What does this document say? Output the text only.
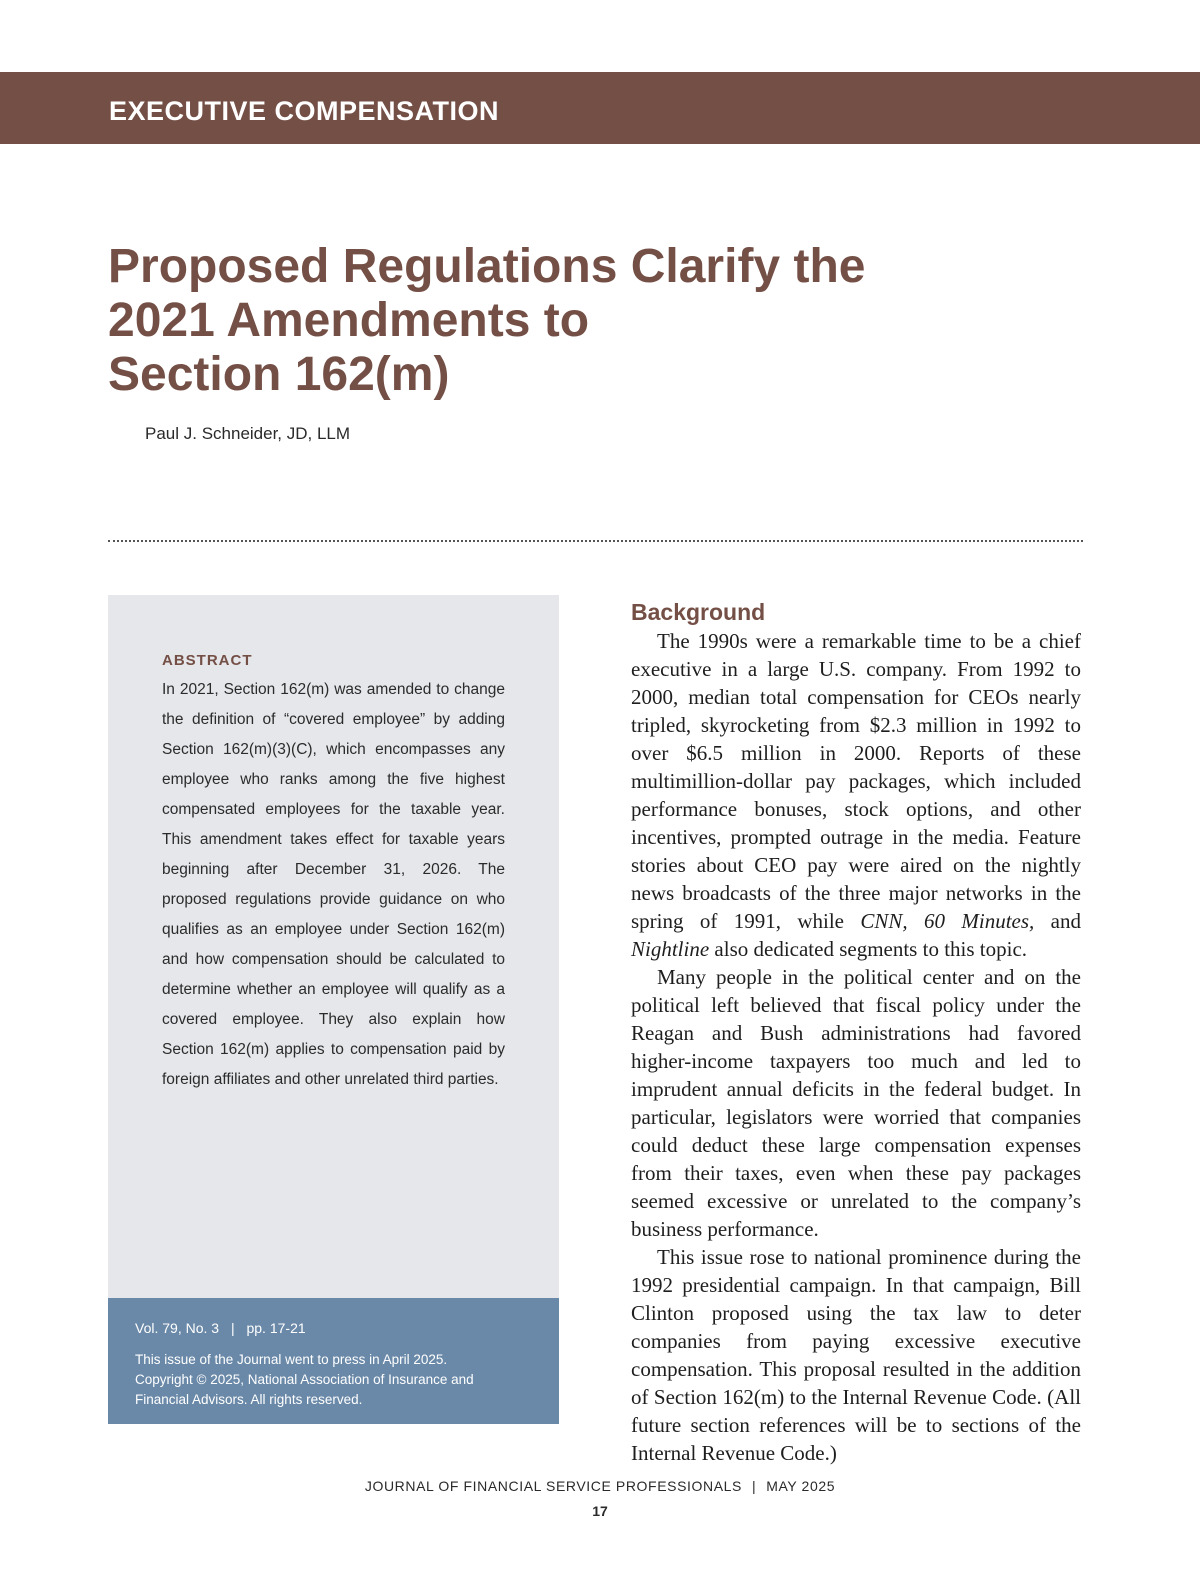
EXECUTIVE COMPENSATION
Proposed Regulations Clarify the
2021 Amendments to
Section 162(m)
Paul J. Schneider, JD, LLM
ABSTRACT

In 2021, Section 162(m) was amended to change the definition of “covered employee” by adding Section 162(m)(3)(C), which encompasses any employee who ranks among the five highest compensated employees for the taxable year. This amendment takes effect for taxable years beginning after December 31, 2026. The proposed regulations provide guidance on who qualifies as an employee under Section 162(m) and how compensation should be calculated to determine whether an employee will qualify as a covered employee. They also explain how Section 162(m) applies to compensation paid by foreign affiliates and other unrelated third parties.

Vol. 79, No. 3 | pp. 17-21
This issue of the Journal went to press in April 2025.
Copyright © 2025, National Association of Insurance and
Financial Advisors. All rights reserved.
Background

The 1990s were a remarkable time to be a chief executive in a large U.S. company. From 1992 to 2000, median total compensation for CEOs nearly tripled, skyrocketing from $2.3 million in 1992 to over $6.5 million in 2000. Reports of these multimillion-dollar pay packages, which included performance bonuses, stock options, and other incentives, prompted outrage in the media. Feature stories about CEO pay were aired on the nightly news broadcasts of the three major networks in the spring of 1991, while CNN, 60 Minutes, and Nightline also dedicated segments to this topic.

Many people in the political center and on the political left believed that fiscal policy under the Reagan and Bush administrations had favored higher-income taxpayers too much and led to imprudent annual deficits in the federal budget. In particular, legislators were worried that companies could deduct these large compensation expenses from their taxes, even when these pay packages seemed excessive or unrelated to the company’s business performance.

This issue rose to national prominence during the 1992 presidential campaign. In that campaign, Bill Clinton proposed using the tax law to deter companies from paying excessive executive compensation. This proposal resulted in the addition of Section 162(m) to the Internal Revenue Code. (All future section references will be to sections of the Internal Revenue Code.)

JOURNAL OF FINANCIAL SERVICE PROFESSIONALS | MAY 2025
17
